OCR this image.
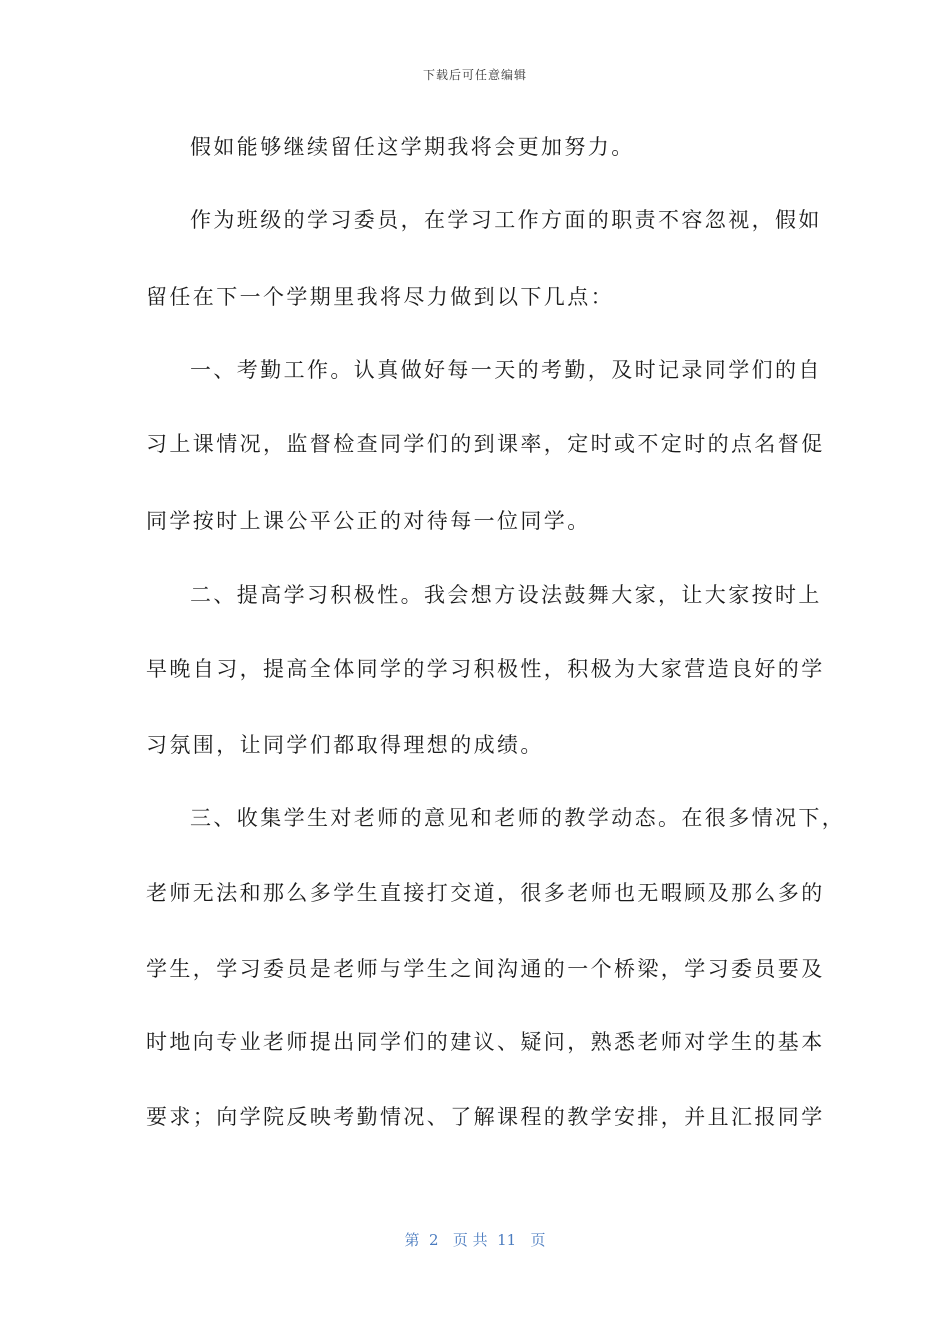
下载后可任意编辑
假如能够继续留任这学期我将会更加努力。
作为班级的学习委员，在学习工作方面的职责不容忽视，假如
留任在下一个学期里我将尽力做到以下几点：
一、考勤工作。认真做好每一天的考勤，及时记录同学们的自
习上课情况，监督检查同学们的到课率，定时或不定时的点名督促
同学按时上课公平公正的对待每一位同学。
二、提高学习积极性。我会想方设法鼓舞大家，让大家按时上
早晚自习，提高全体同学的学习积极性，积极为大家营造良好的学
习氛围，让同学们都取得理想的成绩。
三、收集学生对老师的意见和老师的教学动态。在很多情况下，
老师无法和那么多学生直接打交道，很多老师也无暇顾及那么多的
学生，学习委员是老师与学生之间沟通的一个桥梁，学习委员要及
时地向专业老师提出同学们的建议、疑问，熟悉老师对学生的基本
要求；向学院反映考勤情况、了解课程的教学安排，并且汇报同学
第  2   页 共  11   页
